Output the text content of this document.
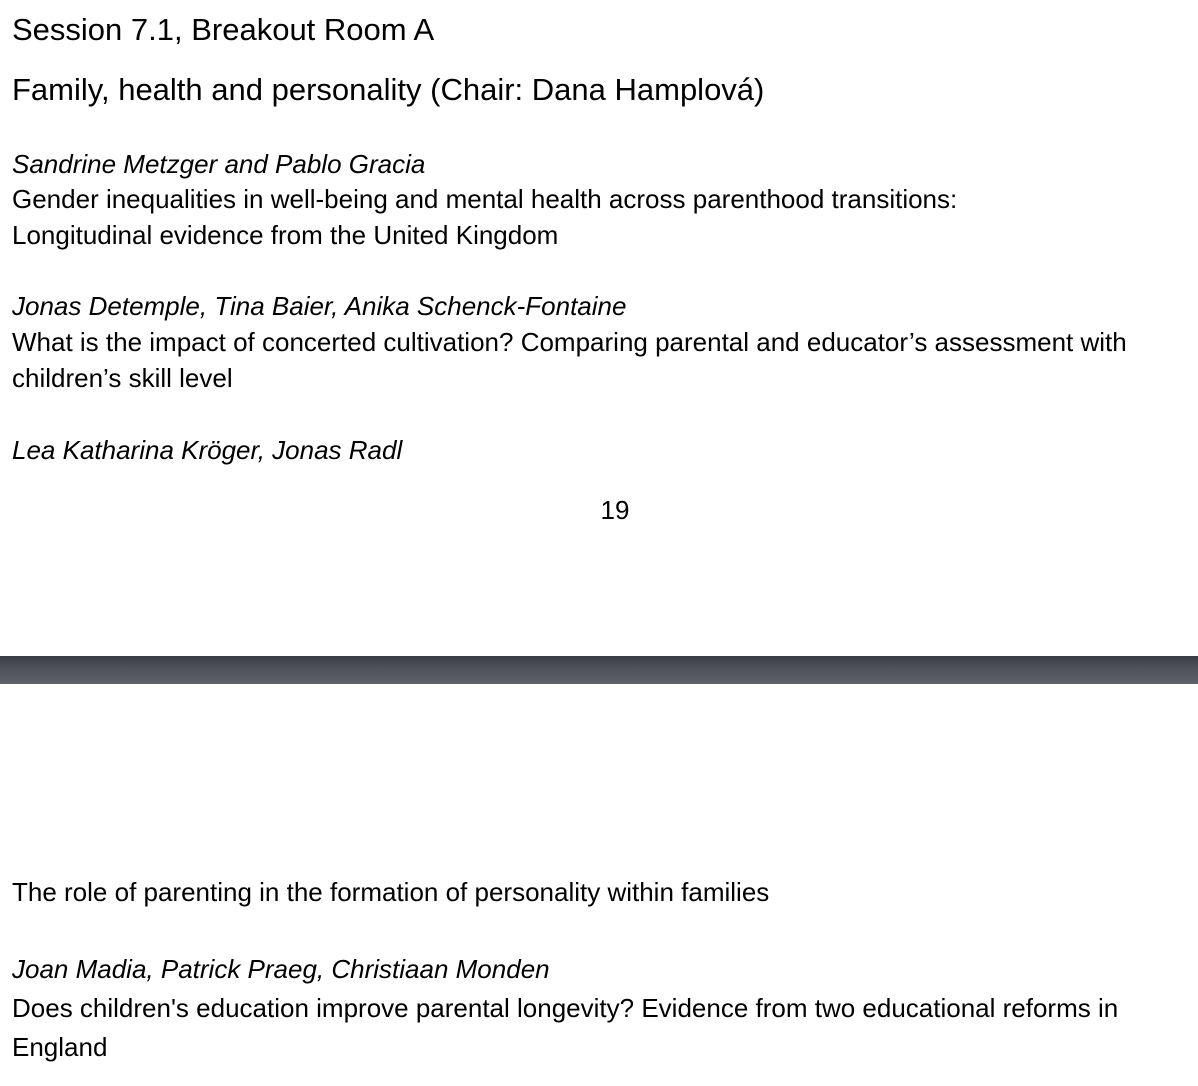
Session 7.1, Breakout Room A

Family, health and personality (Chair: Dana Hamplová)

Sandrine Metzger and Pablo Gracia

Gender inequalities in well-being and mental health across parenthood transitions:

Longitudinal evidence from the United Kingdom

Jonas Detemple, Tina Baier, Anika Schenck-Fontaine

What is the impact of concerted cultivation? Comparing parental and educator’s assessment with

children’s skill level

Lea Katharina Kröger, Jonas Radl

19

The role of parenting in the formation of personality within families

Joan Madia, Patrick Praeg, Christiaan Monden

Does children's education improve parental longevity? Evidence from two educational reforms in

England
